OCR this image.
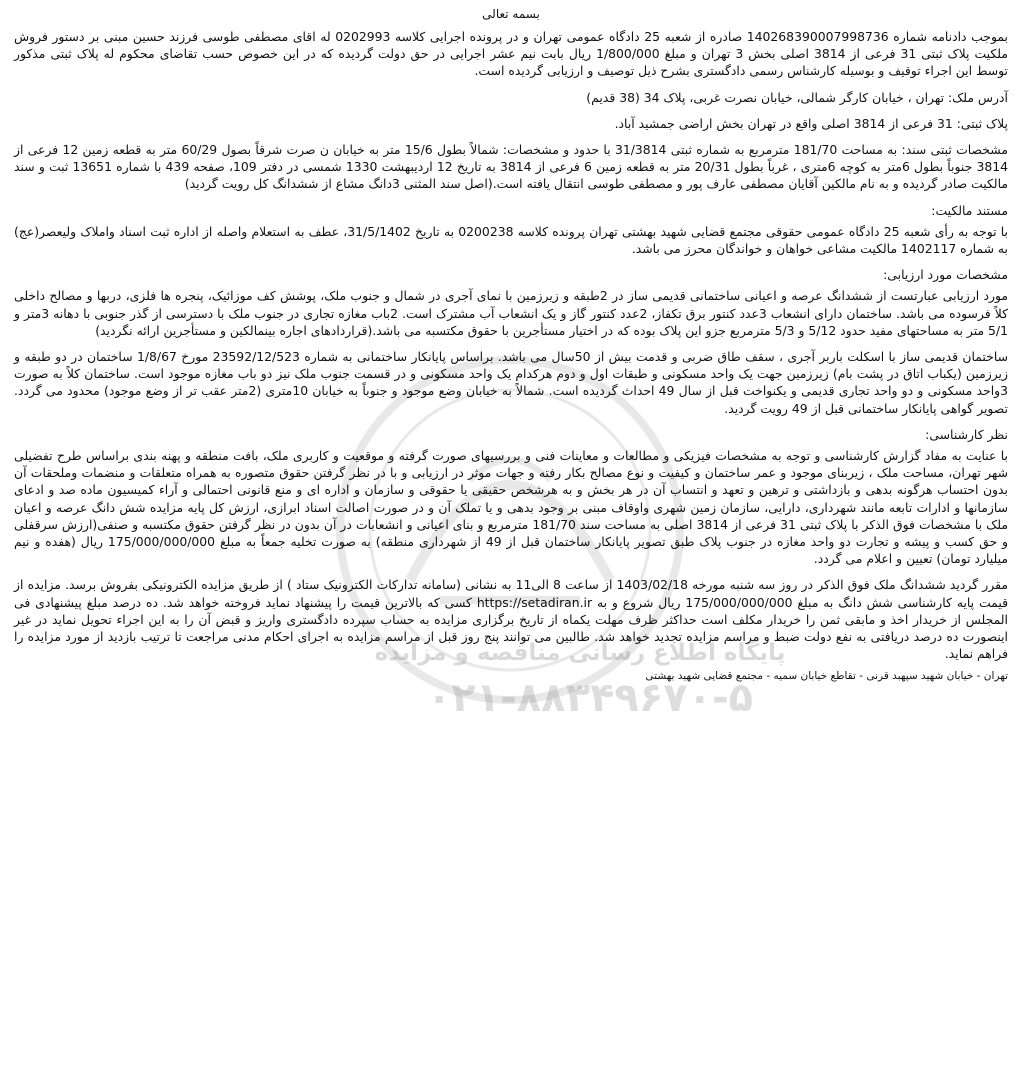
پایگاه اطلاع رسانی مناقصه و مزایده
۰۲۱-۸۸۳۴۹۶۷۰-۵
بسمه تعالی

بموجب دادنامه شماره 140268390007998736 صادره از شعبه 25 دادگاه عمومی تهران و در پرونده اجرایی کلاسه 0202993 له اقای مصطفی طوسی فرزند حسین مبنی بر دستور فروش ملکیت پلاک ثبتی 31 فرعی از 3814 اصلی بخش 3 تهران و مبلغ 1/800/000 ریال بابت نیم عشر اجرایی در حق دولت گردیده که در این خصوص حسب تقاضای محکوم له پلاک ثبتی مذکور توسط این اجراء توقیف و بوسیله کارشناس رسمی دادگستری بشرح ذیل توصیف و ارزیابی گردیده است.

آدرس ملک: تهران ، خیابان کارگر شمالی، خیابان نصرت غربی، پلاک 34 (38 قدیم)

پلاک ثبتی: 31 فرعی از 3814 اصلی واقع در تهران بخش اراضی جمشید آباد.

مشخصات ثبتی سند: به مساحت 181/70 مترمربع به شماره ثبتی 31/3814 با حدود و مشخصات: شمالاً بطول 15/6 متر به خیابان ن صرت شرقاً بصول 60/29 متر به قطعه زمین 12 فرعی از 3814 جنوباً بطول 6متر به کوچه 6متری ، غرباً بطول 20/31 متر به قطعه زمین 6 فرعی از 3814 به تاریخ 12 اردیبهشت 1330 شمسی در دفتر 109، صفحه 439 با شماره 13651 ثبت و سند مالکیت صادر گردیده و به نام مالکین آقایان مصطفی عارف پور و مصطفی طوسی انتقال یافته است.(اصل سند المثنی 3دانگ مشاع از ششدانگ کل رویت گردید)

مستند مالکیت:

با توجه به رأی شعبه 25 دادگاه عمومی حقوقی مجتمع قضایی شهید بهشتی تهران پرونده کلاسه 0200238 به تاریخ 31/5/1402، عطف به استعلام واصله از اداره ثبت اسناد واملاک ولیعصر(عج) به شماره 1402117 مالکیت مشاعی خواهان و خواندگان محرز می باشد.

مشخصات مورد ارزیابی:

مورد ارزیابی عبارتست از ششدانگ عرصه و اعیانی ساختمانی قدیمی ساز در 2طبقه و زیرزمین با نمای آجری در شمال و جنوب ملک، پوشش کف موزائیک، پنجره ها فلزی، دربها و مصالح داخلی کلاً فرسوده می باشد. ساختمان دارای انشعاب 3عدد کنتور برق تکفاز، 2عدد کنتور گاز و یک انشعاب آب مشترک است. 2باب مغازه تجاری در جنوب ملک با دسترسی از گذر جنوبی با دهانه 3متر و 5/1 متر به مساحتهای مفید حدود 5/12 و 5/3 مترمربع جزو این پلاک بوده که در اختیار مستأجرین با حقوق مکتسبه می باشد.(قراردادهای اجاره بینمالکین و مستأجرین ارائه نگردید)

ساختمان قدیمی ساز با اسکلت باربر آجری ، سقف طاق ضربی و قدمت بیش از 50سال می باشد. براساس پایانکار ساختمانی به شماره 23592/12/523 مورخ 1/8/67 ساختمان در دو طبقه و زیرزمین (یکباب اتاق در پشت بام) زیرزمین جهت یک واحد مسکونی و طبقات اول و دوم هرکدام یک واحد مسکونی و در قسمت جنوب ملک نیز دو باب مغازه موجود است. ساختمان کلاً به صورت 3واحد مسکونی و دو واحد تجاری قدیمی و یکنواخت قبل از سال 49 احداث گردیده است. شمالاً به خیابان وضع موجود و جنوباً به خیابان 10متری (2متر عقب تر از وضع موجود) محدود می گردد. تصویر گواهی پایانکار ساختمانی قبل از 49 رویت گردید.

نظر کارشناسی:

با عنایت به مفاد گزارش کارشناسی و توجه به مشخصات فیزیکی و مطالعات و معاینات فنی و بررسیهای صورت گرفته و موقعیت و کاربری ملک، بافت منطقه و پهنه بندی براساس طرح تفضیلی شهر تهران، مساحت ملک ، زیربنای موجود و عمر ساختمان و کیفیت و نوع مصالح بکار رفته و جهات موثر در ارزیابی و با در نظر گرفتن حقوق متصوره به همراه متعلقات و منضمات وملحقات آن بدون احتساب هرگونه بدهی و بازداشتی و ترهین و تعهد و انتساب آن در هر بخش و به هرشخص حقیقی یا حقوقی و سازمان و اداره ای و منع قانونی احتمالی و آراء کمیسیون ماده صد و ادعای سازمانها و ادارات تابعه مانند شهرداری، دارایی، سازمان زمین شهری واوقاف مبنی بر وجود بدهی و یا تملک آن و در صورت اصالت اسناد ابرازی، ارزش کل پایه مزایده شش دانگ عرصه و اعیان ملک با مشخصات فوق الذکر با پلاک ثبتی 31 فرعی از 3814 اصلی به مساحت سند 181/70 مترمربع و بنای اعیانی و انشعابات در آن بدون در نظر گرفتن حقوق مکتسبه و صنفی(ارزش سرقفلی و حق کسب و پیشه و تجارت دو واحد مغازه در جنوب پلاک طبق تصویر پایانکار ساختمان قبل از 49 از شهرداری منطقه) به صورت تخلیه جمعاً به مبلغ 175/000/000/000 ریال (هفده و نیم میلیارد تومان) تعیین و اعلام می گردد.

مقرر گردید ششدانگ ملک فوق الذکر در روز سه شنبه مورخه 1403/02/18 از ساعت 8 الی11 به نشانی (سامانه تدارکات الکترونیک ستاد ) از طریق مزایده الکترونیکی بفروش برسد. مزایده از قیمت پایه کارشناسی شش دانگ به مبلغ 175/000/000/000 ریال شروع و به https://setadiran.ir کسی که بالاترین قیمت را پیشنهاد نماید فروخته خواهد شد. ده درصد مبلغ پیشنهادی فی المجلس از خریدار اخذ و مابقی ثمن را خریدار مکلف است حداکثر ظرف مهلت یکماه از تاریخ برگزاری مزایده به حساب سپرده دادگستری واریز و قبض آن را به این اجراء تحویل نماید در غیر اینصورت ده درصد دریافتی به نفع دولت ضبط و مراسم مزایده تجدید خواهد شد. طالبین می توانند پنج روز قبل از مراسم مزایده به اجرای احکام مدنی مراجعت تا ترتیب بازدید از مورد مزایده را فراهم نماید.

تهران - خیابان شهید سپهبد قرنی - تقاطع خیابان سمیه - مجتمع قضایی شهید بهشتی
